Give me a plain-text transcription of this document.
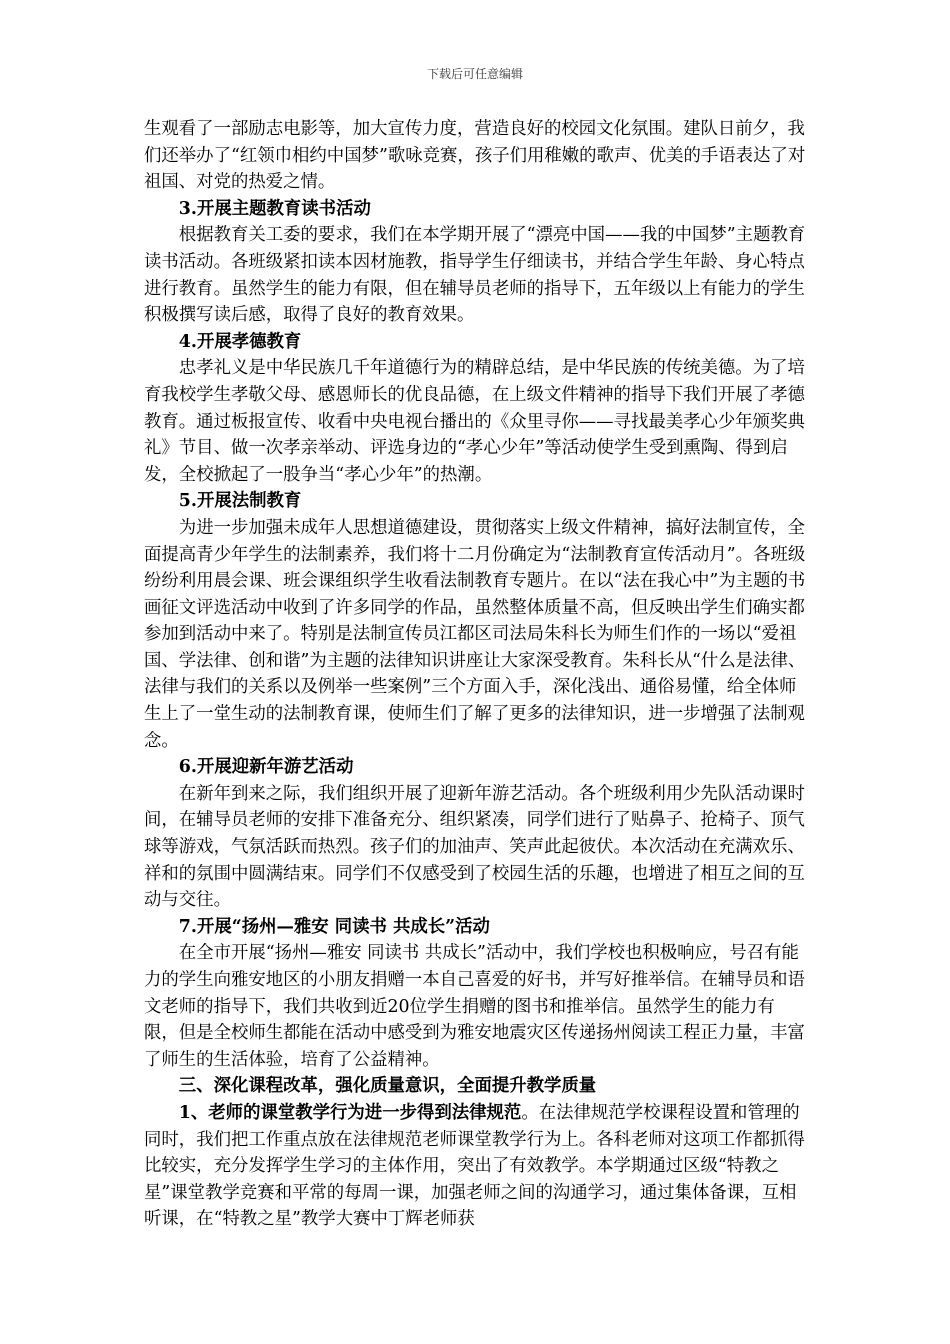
下载后可任意编辑

生观看了一部励志电影等，加大宣传力度，营造良好的校园文化氛围。建队日前夕，我们还举办了“红领巾相约中国梦”歌咏竞赛，孩子们用稚嫩的歌声、优美的手语表达了对祖国、对党的热爱之情。

3.开展主题教育读书活动

根据教育关工委的要求，我们在本学期开展了“漂亮中国——我的中国梦”主题教育读书活动。各班级紧扣读本因材施教，指导学生仔细读书，并结合学生年龄、身心特点进行教育。虽然学生的能力有限，但在辅导员老师的指导下，五年级以上有能力的学生积极撰写读后感，取得了良好的教育效果。

4.开展孝德教育

忠孝礼义是中华民族几千年道德行为的精辟总结，是中华民族的传统美德。为了培育我校学生孝敬父母、感恩师长的优良品德，在上级文件精神的指导下我们开展了孝德教育。通过板报宣传、收看中央电视台播出的《众里寻你——寻找最美孝心少年颁奖典礼》节目、做一次孝亲举动、评选身边的“孝心少年”等活动使学生受到熏陶、得到启发，全校掀起了一股争当“孝心少年”的热潮。

5.开展法制教育

为进一步加强未成年人思想道德建设，贯彻落实上级文件精神，搞好法制宣传，全面提高青少年学生的法制素养，我们将十二月份确定为“法制教育宣传活动月”。各班级纷纷利用晨会课、班会课组织学生收看法制教育专题片。在以“法在我心中”为主题的书画征文评选活动中收到了许多同学的作品，虽然整体质量不高，但反映出学生们确实都参加到活动中来了。特别是法制宣传员江都区司法局朱科长为师生们作的一场以“爱祖国、学法律、创和谐”为主题的法律知识讲座让大家深受教育。朱科长从“什么是法律、法律与我们的关系以及例举一些案例”三个方面入手，深化浅出、通俗易懂，给全体师生上了一堂生动的法制教育课，使师生们了解了更多的法律知识，进一步增强了法制观念。

6.开展迎新年游艺活动

在新年到来之际，我们组织开展了迎新年游艺活动。各个班级利用少先队活动课时间，在辅导员老师的安排下准备充分、组织紧凑，同学们进行了贴鼻子、抢椅子、顶气球等游戏，气氛活跃而热烈。孩子们的加油声、笑声此起彼伏。本次活动在充满欢乐、祥和的氛围中圆满结束。同学们不仅感受到了校园生活的乐趣，也增进了相互之间的互动与交往。

7.开展“扬州—雅安 同读书 共成长”活动

在全市开展“扬州—雅安 同读书 共成长”活动中，我们学校也积极响应，号召有能力的学生向雅安地区的小朋友捐赠一本自己喜爱的好书，并写好推举信。在辅导员和语文老师的指导下，我们共收到近20位学生捐赠的图书和推举信。虽然学生的能力有限，但是全校师生都能在活动中感受到为雅安地震灾区传递扬州阅读工程正力量，丰富了师生的生活体验，培育了公益精神。

三、深化课程改革，强化质量意识，全面提升教学质量

1、老师的课堂教学行为进一步得到法律规范。在法律规范学校课程设置和管理的同时，我们把工作重点放在法律规范老师课堂教学行为上。各科老师对这项工作都抓得比较实，充分发挥学生学习的主体作用，突出了有效教学。本学期通过区级“特教之星”课堂教学竞赛和平常的每周一课，加强老师之间的沟通学习，通过集体备课，互相听课，在“特教之星”教学大赛中丁辉老师获
